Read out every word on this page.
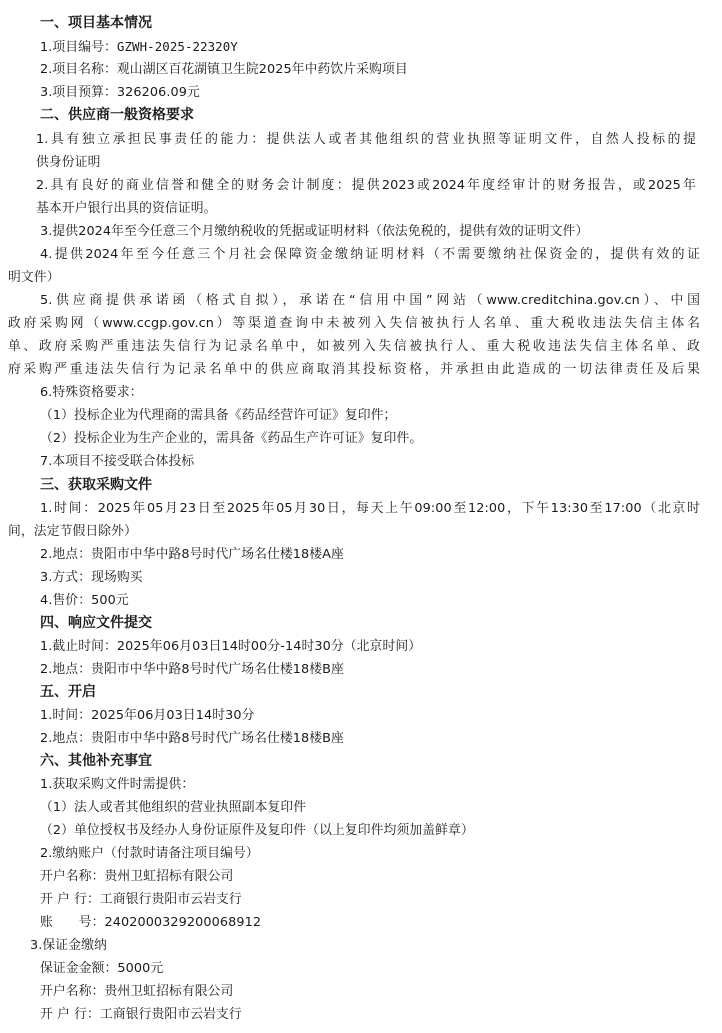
一、项目基本情况
1.项目编号：GZWH-2025-22320Y
2.项目名称：观山湖区百花湖镇卫生院2025年中药饮片采购项目
3.项目预算：326206.09元
二、供应商一般资格要求
1.具有独立承担民事责任的能力：提供法人或者其他组织的营业执照等证明文件，自然人投标的提
供身份证明
2.具有良好的商业信誉和健全的财务会计制度：提供2023或2024年度经审计的财务报告，或2025年
基本开户银行出具的资信证明。
3.提供2024年至今任意三个月缴纳税收的凭据或证明材料（依法免税的，提供有效的证明文件）
4.提供2024年至今任意三个月社会保障资金缴纳证明材料（不需要缴纳社保资金的，提供有效的证
明文件）
5.供应商提供承诺函（格式自拟），承诺在“信用中国”网站（www.creditchina.gov.cn）、中国
政府采购网（www.ccgp.gov.cn）等渠道查询中未被列入失信被执行人名单、重大税收违法失信主体名
单、政府采购严重违法失信行为记录名单中，如被列入失信被执行人、重大税收违法失信主体名单、政
府采购严重违法失信行为记录名单中的供应商取消其投标资格，并承担由此造成的一切法律责任及后果
6.特殊资格要求：
（1）投标企业为代理商的需具备《药品经营许可证》复印件；
（2）投标企业为生产企业的，需具备《药品生产许可证》复印件。
7.本项目不接受联合体投标
三、获取采购文件
1.时间：2025年05月23日至2025年05月30日，每天上午09:00至12:00，下午13:30至17:00（北京时
间，法定节假日除外）
2.地点：贵阳市中华中路8号时代广场名仕楼18楼A座
3.方式：现场购买
4.售价：500元
四、响应文件提交
1.截止时间：2025年06月03日14时00分-14时30分（北京时间）
2.地点：贵阳市中华中路8号时代广场名仕楼18楼B座
五、开启
1.时间：2025年06月03日14时30分
2.地点：贵阳市中华中路8号时代广场名仕楼18楼B座
六、其他补充事宜
1.获取采购文件时需提供：
（1）法人或者其他组织的营业执照副本复印件
（2）单位授权书及经办人身份证原件及复印件（以上复印件均须加盖鲜章）
2.缴纳账户（付款时请备注项目编号）
开户名称：贵州卫虹招标有限公司
开 户 行：工商银行贵阳市云岩支行
账　　号：2402000329200068912
3.保证金缴纳
保证金金额：5000元
开户名称：贵州卫虹招标有限公司
开 户 行：工商银行贵阳市云岩支行
